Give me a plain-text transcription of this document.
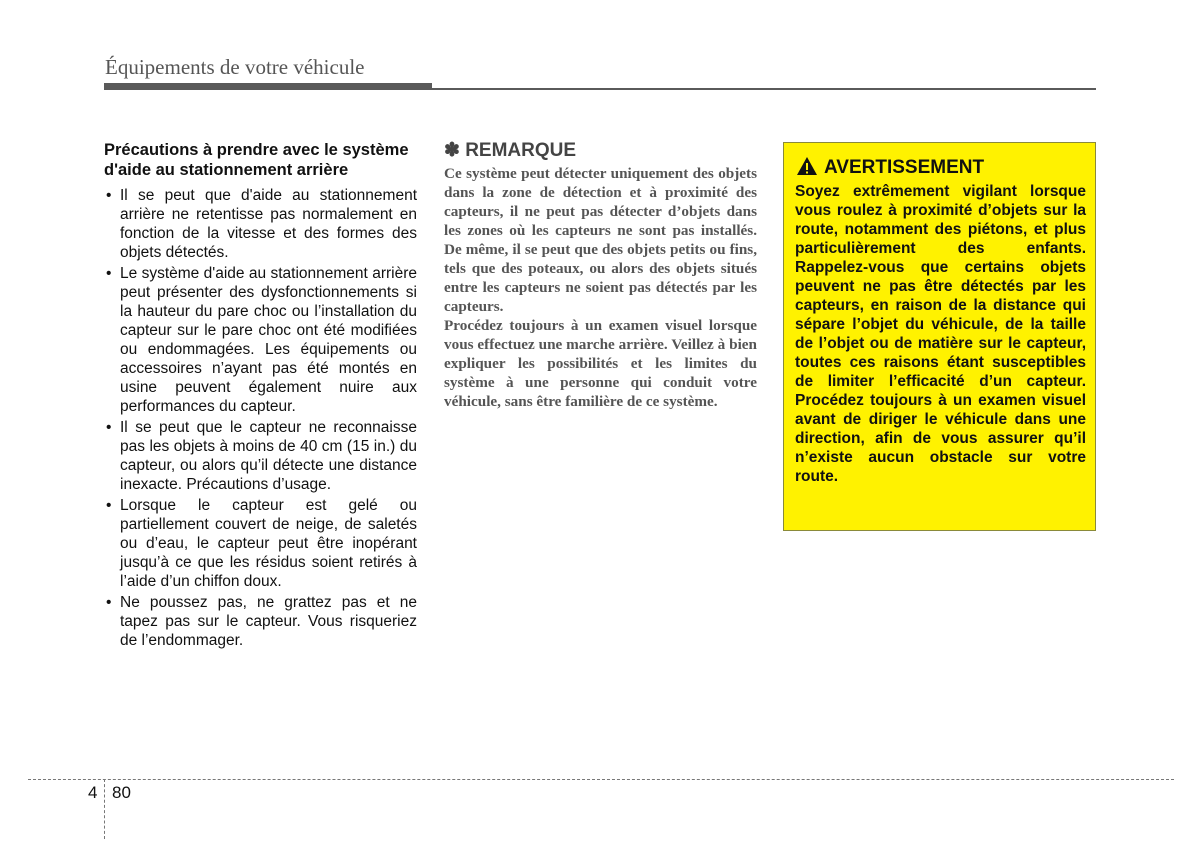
Équipements de votre véhicule
Précautions à prendre avec le système d'aide au stationnement arrière
• Il se peut que d'aide au stationnement arrière ne retentisse pas normalement en fonction de la vitesse et des formes des objets détectés.
• Le système d'aide au stationnement arrière peut présenter des dysfonctionnements si la hauteur du pare choc ou l’installation du capteur sur le pare choc ont été modifiées ou endommagées. Les équipements ou accessoires n’ayant pas été montés en usine peuvent également nuire aux performances du capteur.
• Il se peut que le capteur ne reconnaisse pas les objets à moins de 40 cm (15 in.) du capteur, ou alors qu’il détecte une distance inexacte. Précautions d’usage.
• Lorsque le capteur est gelé ou partiellement couvert de neige, de saletés ou d’eau, le capteur peut être inopérant jusqu’à ce que les résidus soient retirés à l’aide d’un chiffon doux.
• Ne poussez pas, ne grattez pas et ne tapez pas sur le capteur. Vous risqueriez de l’endommager.
✽ REMARQUE

Ce système peut détecter uniquement des objets dans la zone de détection et à proximité des capteurs, il ne peut pas détecter d’objets dans les zones où les capteurs ne sont pas installés. De même, il se peut que des objets petits ou fins, tels que des poteaux, ou alors des objets situés entre les capteurs ne soient pas détectés par les capteurs.

Procédez toujours à un examen visuel lorsque vous effectuez une marche arrière. Veillez à bien expliquer les possibilités et les limites du système à une personne qui conduit votre véhicule, sans être familière de ce système.

AVERTISSEMENT
Soyez extrêmement vigilant lorsque vous roulez à proximité d’objets sur la route, notamment des piétons, et plus particulièrement des enfants. Rappelez-vous que certains objets peuvent ne pas être détectés par les capteurs, en raison de la distance qui sépare l’objet du véhicule, de la taille de l’objet ou de matière sur le capteur, toutes ces raisons étant susceptibles de limiter l’efficacité d’un capteur. Procédez toujours à un examen visuel avant de diriger le véhicule dans une direction, afin de vous assurer qu’il n’existe aucun obstacle sur votre route.
4 80
